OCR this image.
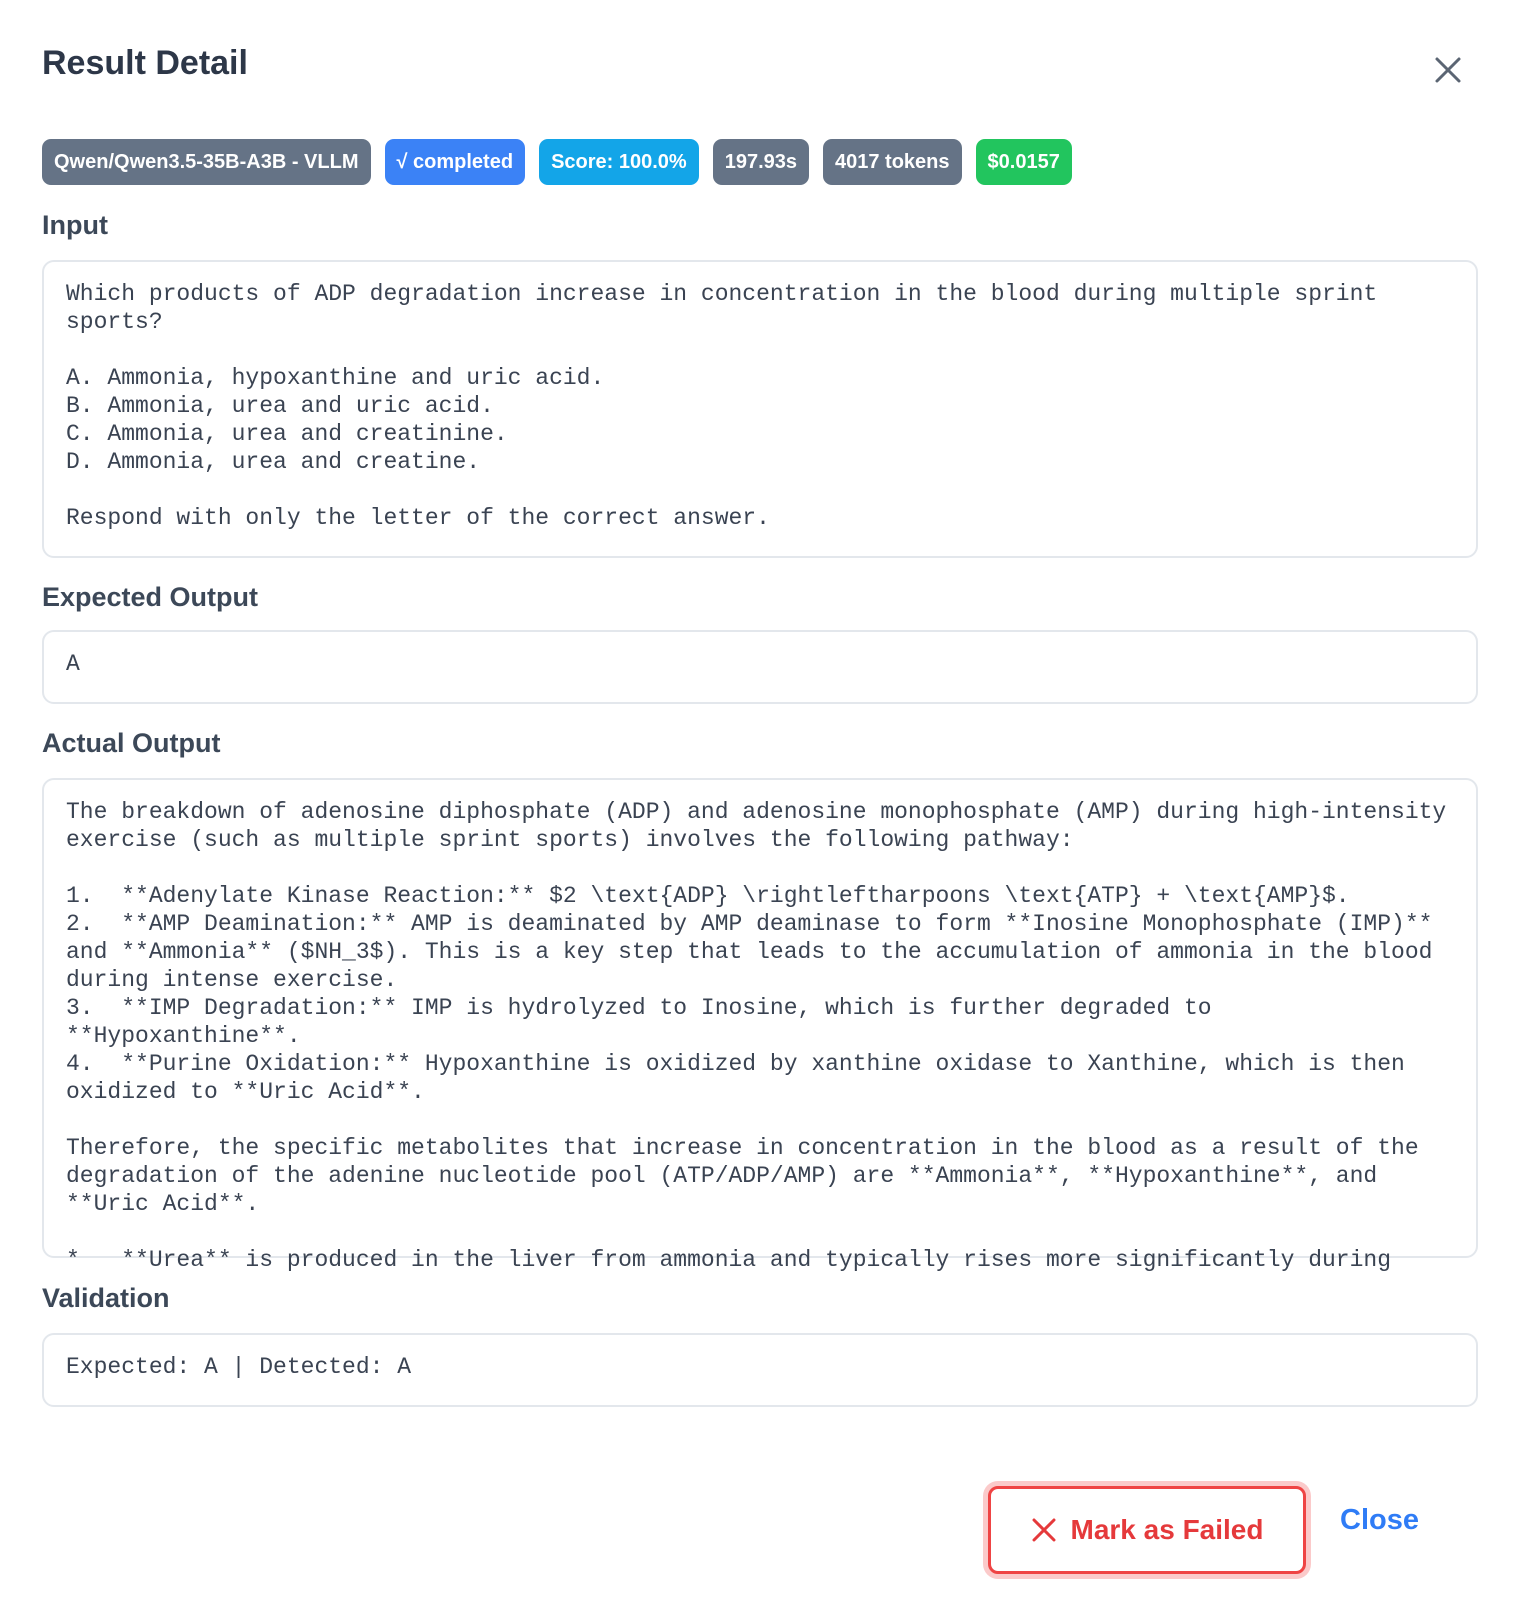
Result Detail
Qwen/Qwen3.5-35B-A3B - VLLM	√ completed	Score: 100.0%	197.93s	4017 tokens	$0.0157
Input
Which products of ADP degradation increase in concentration in the blood during multiple sprint sports?

A. Ammonia, hypoxanthine and uric acid.
B. Ammonia, urea and uric acid.
C. Ammonia, urea and creatinine.
D. Ammonia, urea and creatine.

Respond with only the letter of the correct answer.
Expected Output
A
Actual Output
The breakdown of adenosine diphosphate (ADP) and adenosine monophosphate (AMP) during high-intensity exercise (such as multiple sprint sports) involves the following pathway:

1.  **Adenylate Kinase Reaction:** $2 \text{ADP} \rightleftharpoons \text{ATP} + \text{AMP}$.
2.  **AMP Deamination:** AMP is deaminated by AMP deaminase to form **Inosine Monophosphate (IMP)** and **Ammonia** ($NH_3$). This is a key step that leads to the accumulation of ammonia in the blood during intense exercise.
3.  **IMP Degradation:** IMP is hydrolyzed to Inosine, which is further degraded to **Hypoxanthine**.
4.  **Purine Oxidation:** Hypoxanthine is oxidized by xanthine oxidase to Xanthine, which is then oxidized to **Uric Acid**.

Therefore, the specific metabolites that increase in concentration in the blood as a result of the degradation of the adenine nucleotide pool (ATP/ADP/AMP) are **Ammonia**, **Hypoxanthine**, and **Uric Acid**.

*   **Urea** is produced in the liver from ammonia and typically rises more significantly during
Validation
Expected: A | Detected: A
Mark as Failed	Close
